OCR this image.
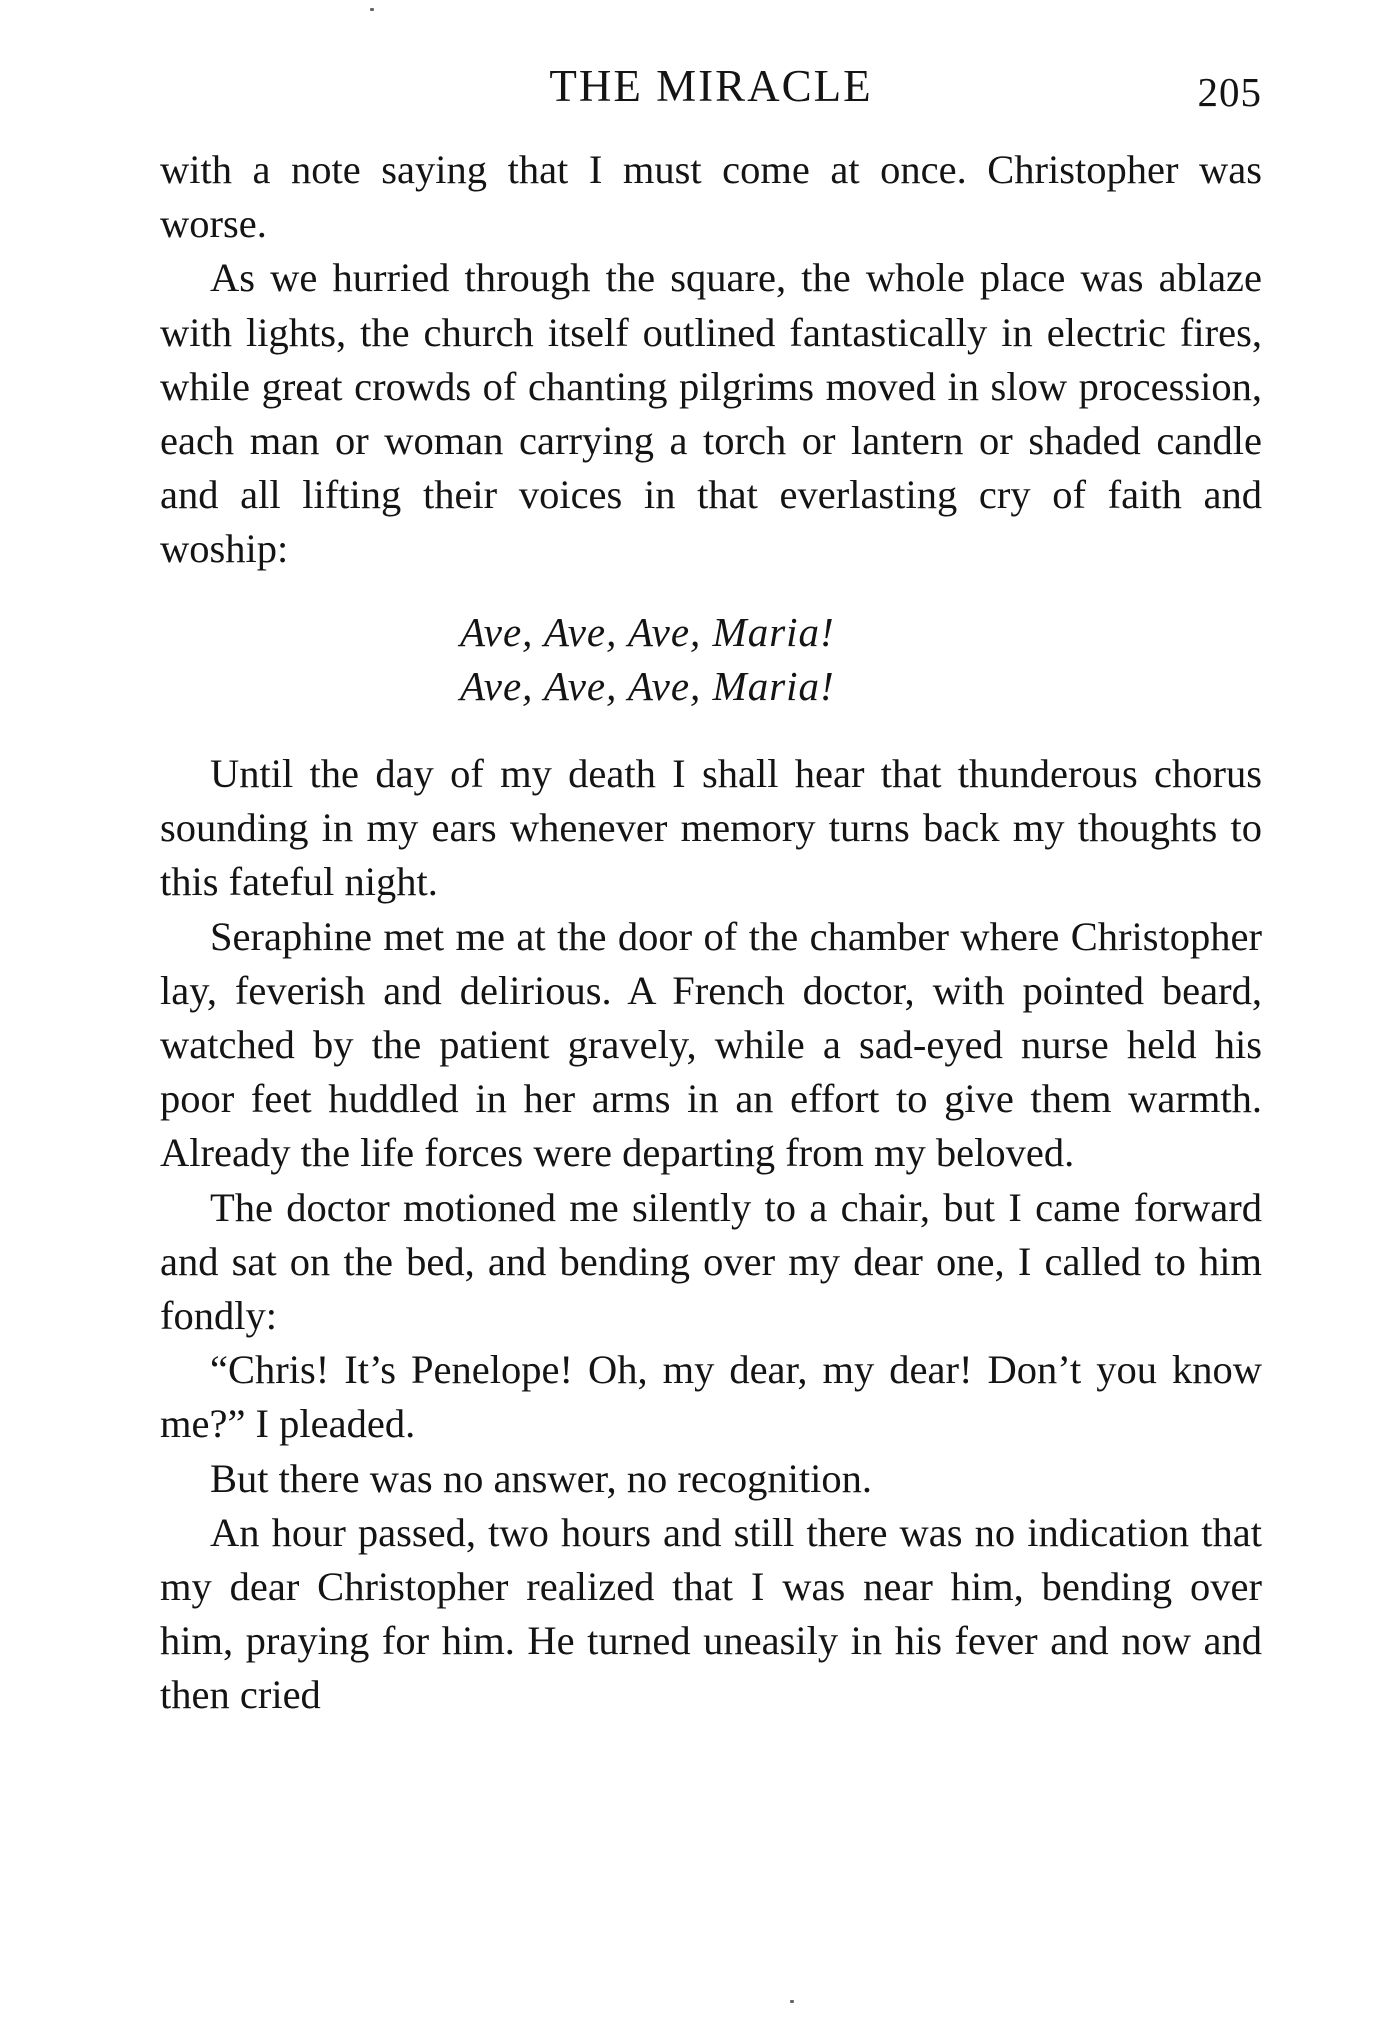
THE MIRACLE	205

with a note saying that I must come at once. Christopher was worse.

As we hurried through the square, the whole place was ablaze with lights, the church itself outlined fantastically in electric fires, while great crowds of chanting pilgrims moved in slow procession, each man or woman carrying a torch or lantern or shaded candle and all lifting their voices in that everlasting cry of faith and woship:

Ave, Ave, Ave, Maria!
Ave, Ave, Ave, Maria!

Until the day of my death I shall hear that thunderous chorus sounding in my ears whenever memory turns back my thoughts to this fateful night.

Seraphine met me at the door of the chamber where Christopher lay, feverish and delirious. A French doctor, with pointed beard, watched by the patient gravely, while a sad-eyed nurse held his poor feet huddled in her arms in an effort to give them warmth. Already the life forces were departing from my beloved.

The doctor motioned me silently to a chair, but I came forward and sat on the bed, and bending over my dear one, I called to him fondly:

“Chris! It’s Penelope! Oh, my dear, my dear! Don’t you know me?” I pleaded.

But there was no answer, no recognition.

An hour passed, two hours and still there was no indication that my dear Christopher realized that I was near him, bending over him, praying for him. He turned uneasily in his fever and now and then cried
